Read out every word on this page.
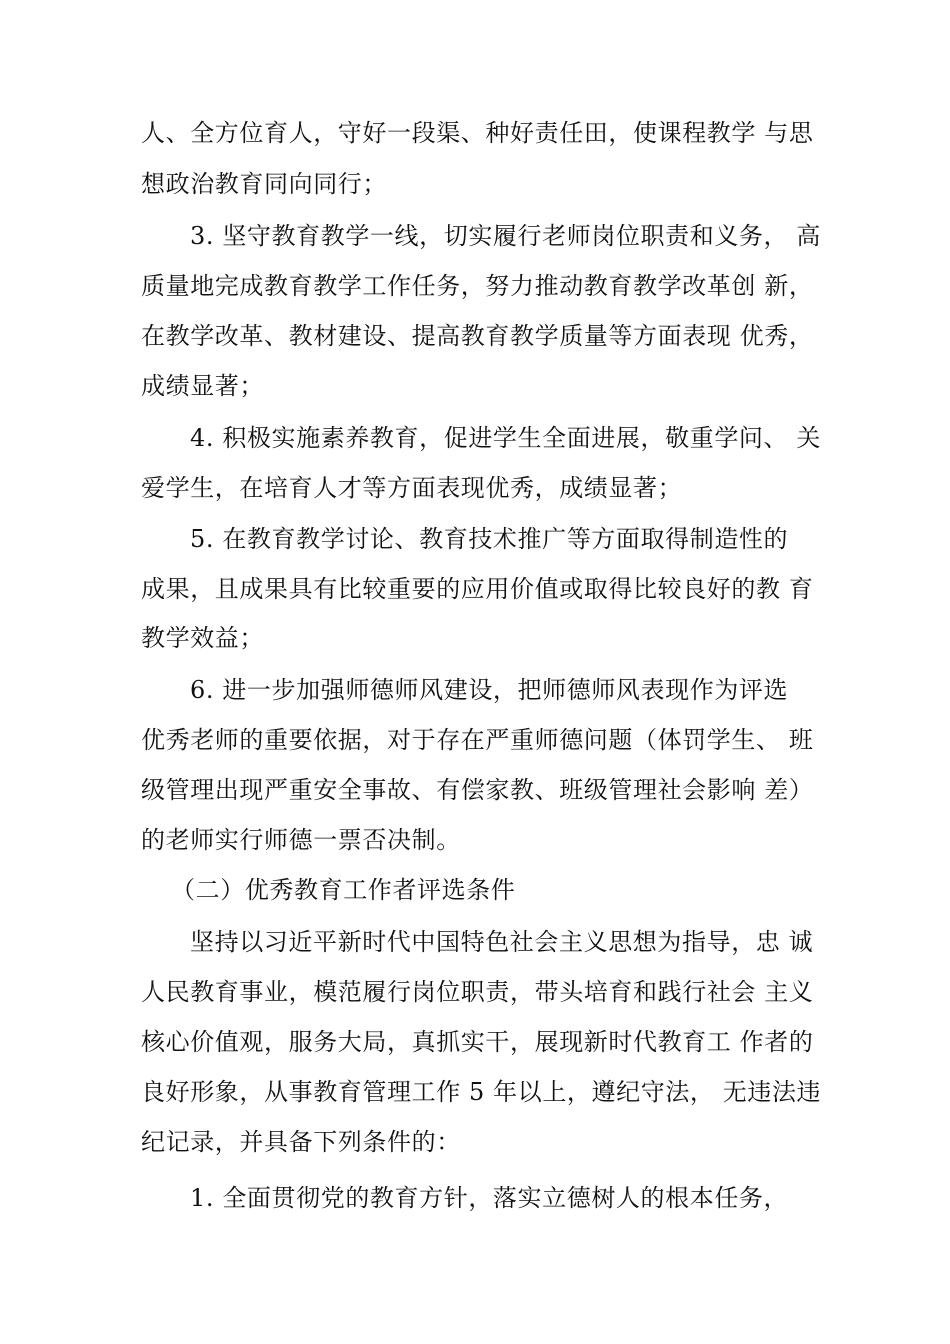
人、全方位育人，守好一段渠、种好责任田，使课程教学 与思
想政治教育同向同行；
3. 坚守教育教学一线，切实履行老师岗位职责和义务， 高
质量地完成教育教学工作任务，努力推动教育教学改革创 新，
在教学改革、教材建设、提高教育教学质量等方面表现 优秀，
成绩显著；
4. 积极实施素养教育，促进学生全面进展，敬重学问、 关
爱学生，在培育人才等方面表现优秀，成绩显著；
5. 在教育教学讨论、教育技术推广等方面取得制造性的
成果，且成果具有比较重要的应用价值或取得比较良好的教 育
教学效益；
6. 进一步加强师德师风建设，把师德师风表现作为评选
优秀老师的重要依据，对于存在严重师德问题（体罚学生、 班
级管理出现严重安全事故、有偿家教、班级管理社会影响 差）
的老师实行师德一票否决制。
（二）优秀教育工作者评选条件
坚持以习近平新时代中国特色社会主义思想为指导，忠 诚
人民教育事业，模范履行岗位职责，带头培育和践行社会 主义
核心价值观，服务大局，真抓实干，展现新时代教育工 作者的
良好形象，从事教育管理工作 5 年以上，遵纪守法， 无违法违
纪记录，并具备下列条件的：
1. 全面贯彻党的教育方针，落实立德树人的根本任务，
